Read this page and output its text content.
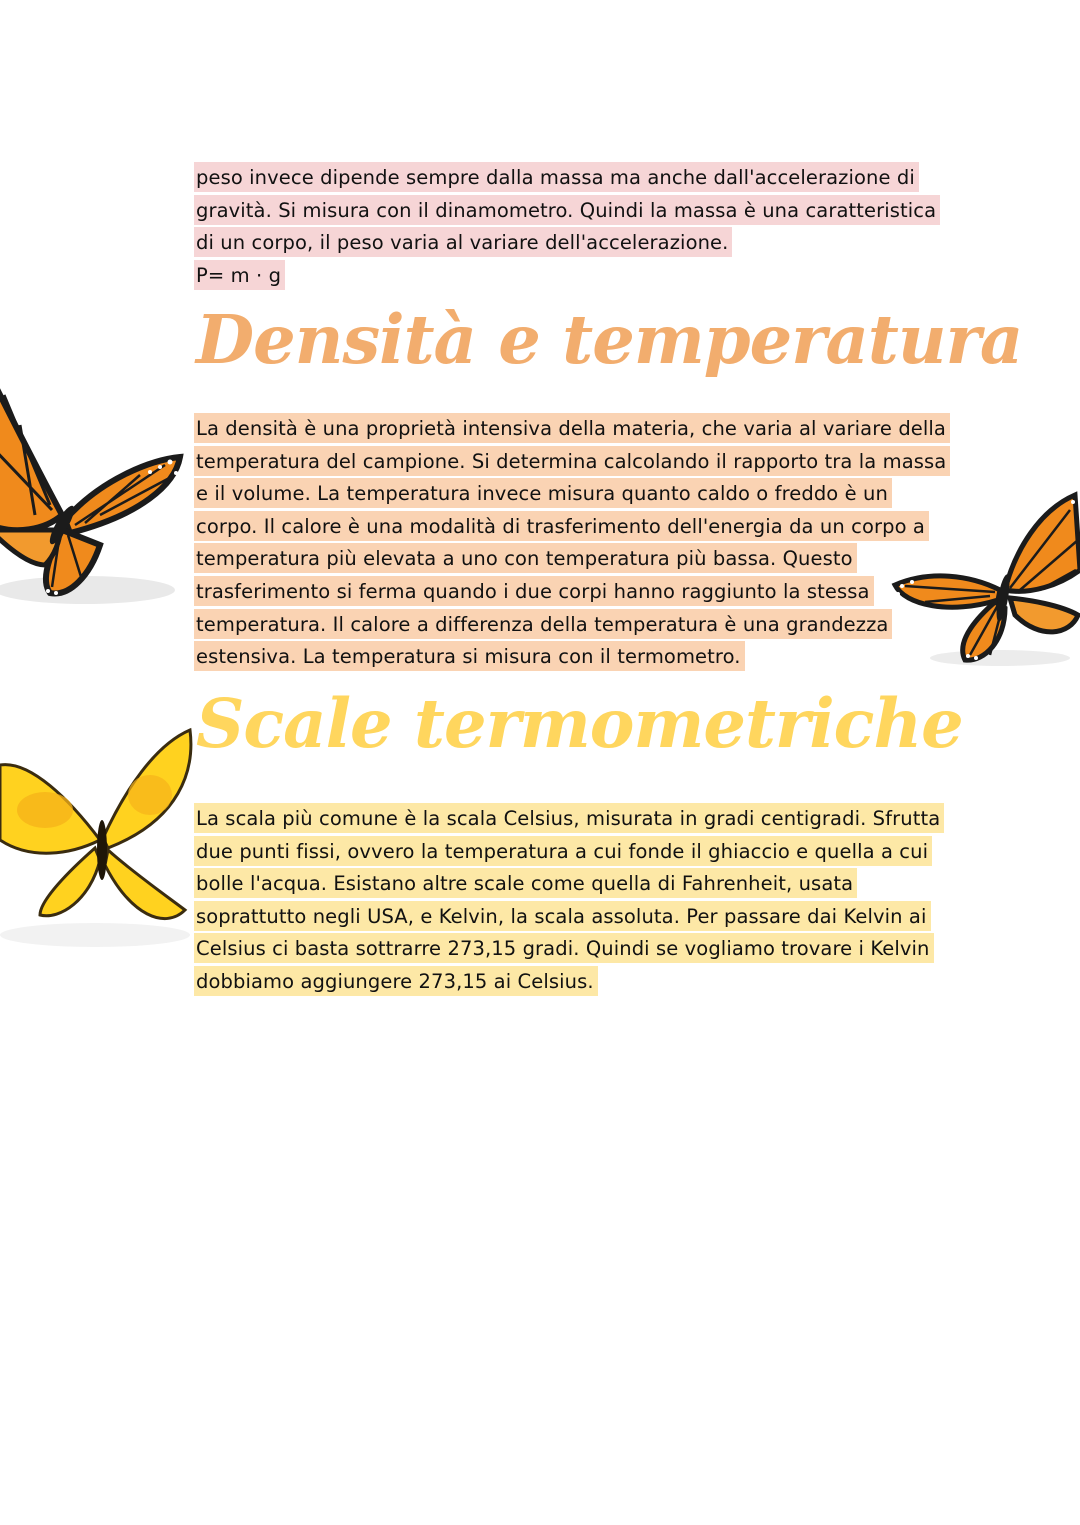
peso invece dipende sempre dalla massa ma anche dall'accelerazione di
gravità. Si misura con il dinamometro. Quindi la massa è una caratteristica
di un corpo, il peso varia al variare dell'accelerazione.
P= m · g
Densità e temperatura
La densità è una proprietà intensiva della materia, che varia al variare della
temperatura del campione. Si determina calcolando il rapporto tra la massa
e il volume. La temperatura invece misura quanto caldo o freddo è un
corpo. Il calore è una modalità di trasferimento dell'energia da un corpo a
temperatura più elevata a uno con temperatura più bassa. Questo
trasferimento si ferma quando i due corpi hanno raggiunto la stessa
temperatura. Il calore a differenza della temperatura è una grandezza
estensiva. La temperatura si misura con il termometro.
Scale termometriche
La scala più comune è la scala Celsius, misurata in gradi centigradi. Sfrutta
due punti fissi, ovvero la temperatura a cui fonde il ghiaccio e quella a cui
bolle l'acqua. Esistano altre scale come quella di Fahrenheit, usata
soprattutto negli USA, e Kelvin, la scala assoluta. Per passare dai Kelvin ai
Celsius ci basta sottrarre 273,15 gradi. Quindi se vogliamo trovare i Kelvin
dobbiamo aggiungere 273,15 ai Celsius.
